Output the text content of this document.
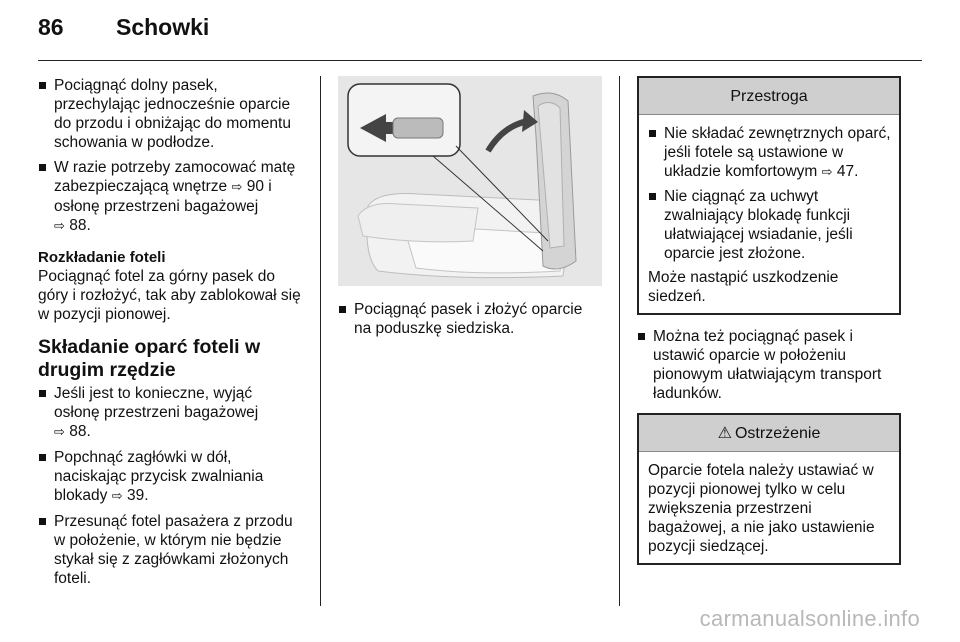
86	Schowki
Pociągnąć dolny pasek, przechylając jednocześnie oparcie do przodu i obniżając do momentu schowania w podłodze.
W razie potrzeby zamocować matę zabezpieczającą wnętrze ⇨ 90 i osłonę przestrzeni bagażowej
⇨ 88.
Rozkładanie foteli

Pociągnąć fotel za górny pasek do góry i rozłożyć, tak aby zablokował się w pozycji pionowej.

Składanie oparć foteli w drugim rzędzie
Jeśli jest to konieczne, wyjąć osłonę przestrzeni bagażowej
⇨ 88.
Popchnąć zagłówki w dół, naciskając przycisk zwalniania blokady ⇨ 39.
Przesunąć fotel pasażera z przodu w położenie, w którym nie będzie stykał się z zagłówkami złożonych foteli.
Pociągnąć pasek i złożyć oparcie na poduszkę siedziska.
Przestroga
Nie składać zewnętrznych oparć, jeśli fotele są ustawione w układzie komfortowym ⇨ 47.
Nie ciągnąć za uchwyt zwalniający blokadę funkcji ułatwiającej wsiadanie, jeśli oparcie jest złożone.

Może nastąpić uszkodzenie siedzeń.

Można też pociągnąć pasek i ustawić oparcie w położeniu pionowym ułatwiającym transport ładunków.
⚠ Ostrzeżenie

Oparcie fotela należy ustawiać w pozycji pionowej tylko w celu zwiększenia przestrzeni bagażowej, a nie jako ustawienie pozycji siedzącej.

carmanualsonline.info
